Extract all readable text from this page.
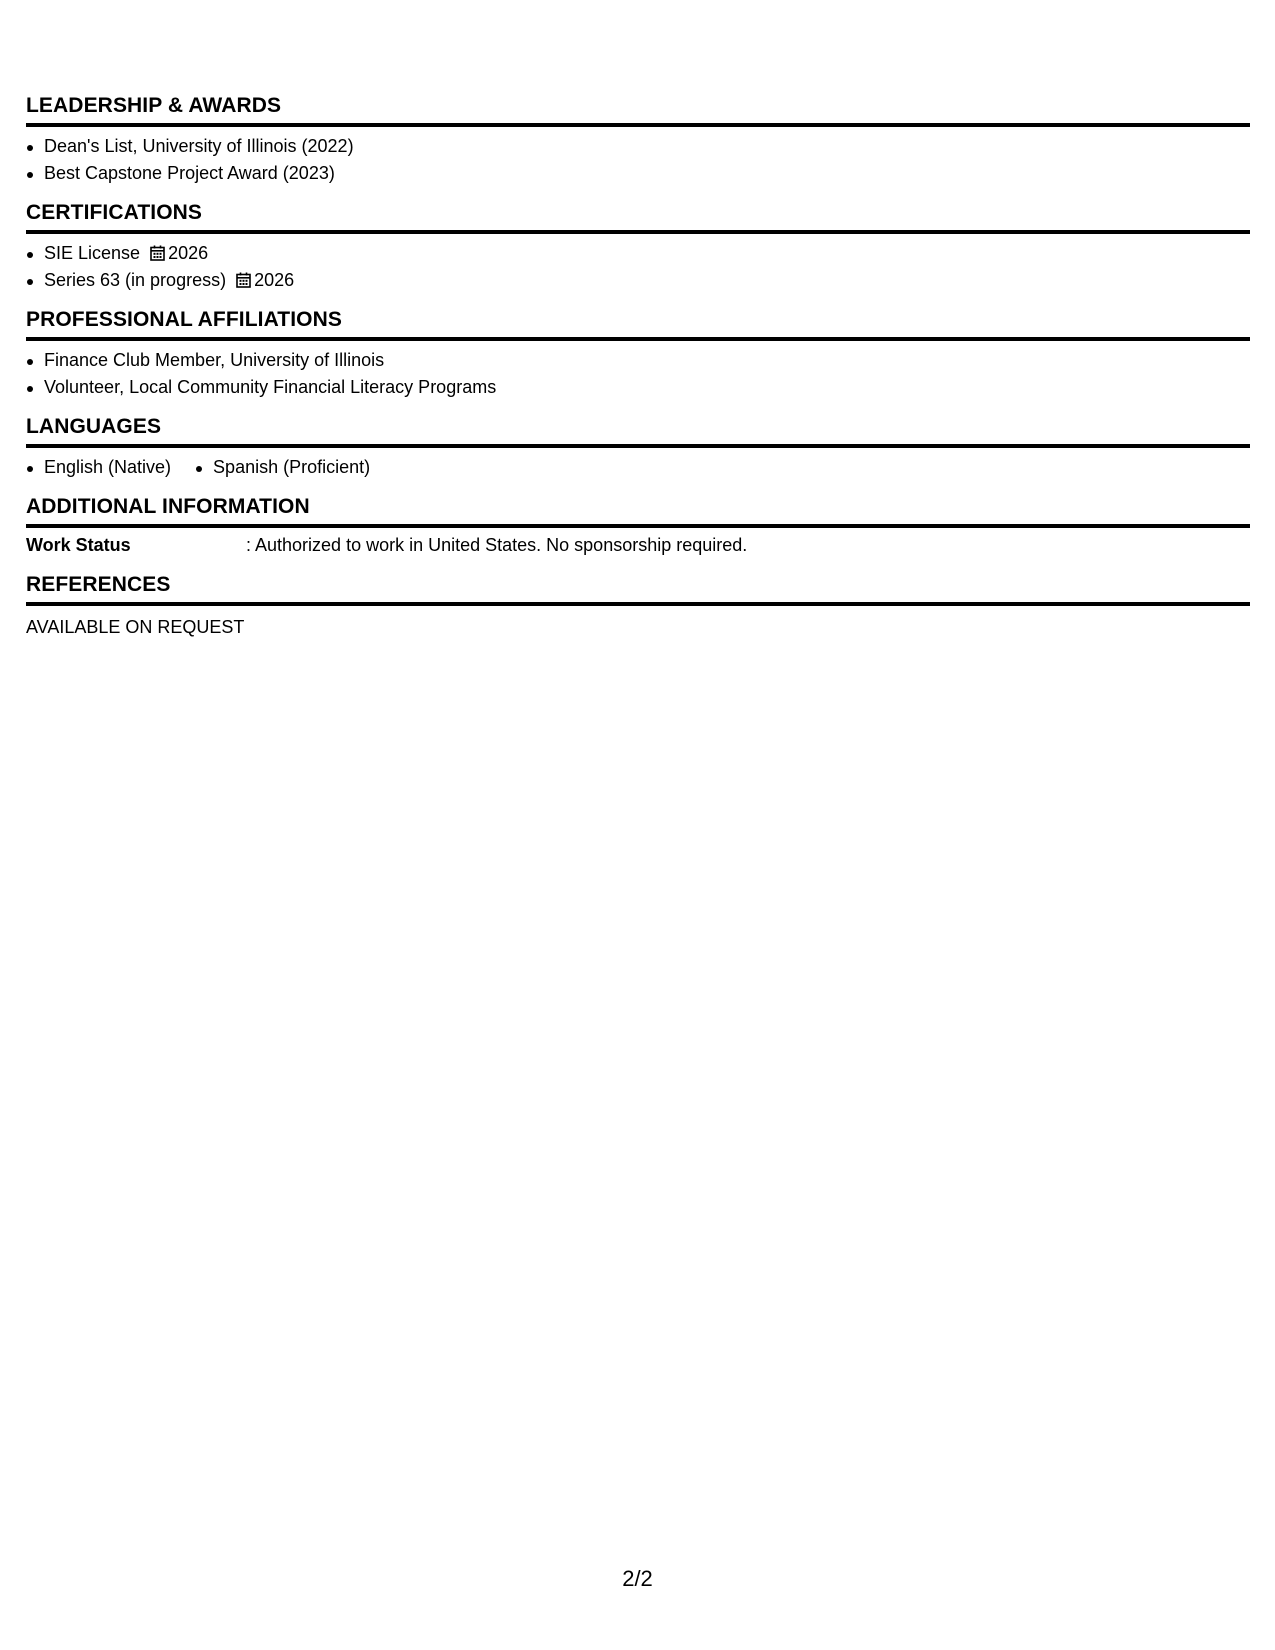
LEADERSHIP & AWARDS
Dean's List, University of Illinois (2022)
Best Capstone Project Award (2023)
CERTIFICATIONS
SIE License 2026
Series 63 (in progress) 2026
PROFESSIONAL AFFILIATIONS
Finance Club Member, University of Illinois
Volunteer, Local Community Financial Literacy Programs
LANGUAGES
English (Native)	Spanish (Proficient)
ADDITIONAL INFORMATION
Work Status	: Authorized to work in United States. No sponsorship required.
REFERENCES
AVAILABLE ON REQUEST
2/2
